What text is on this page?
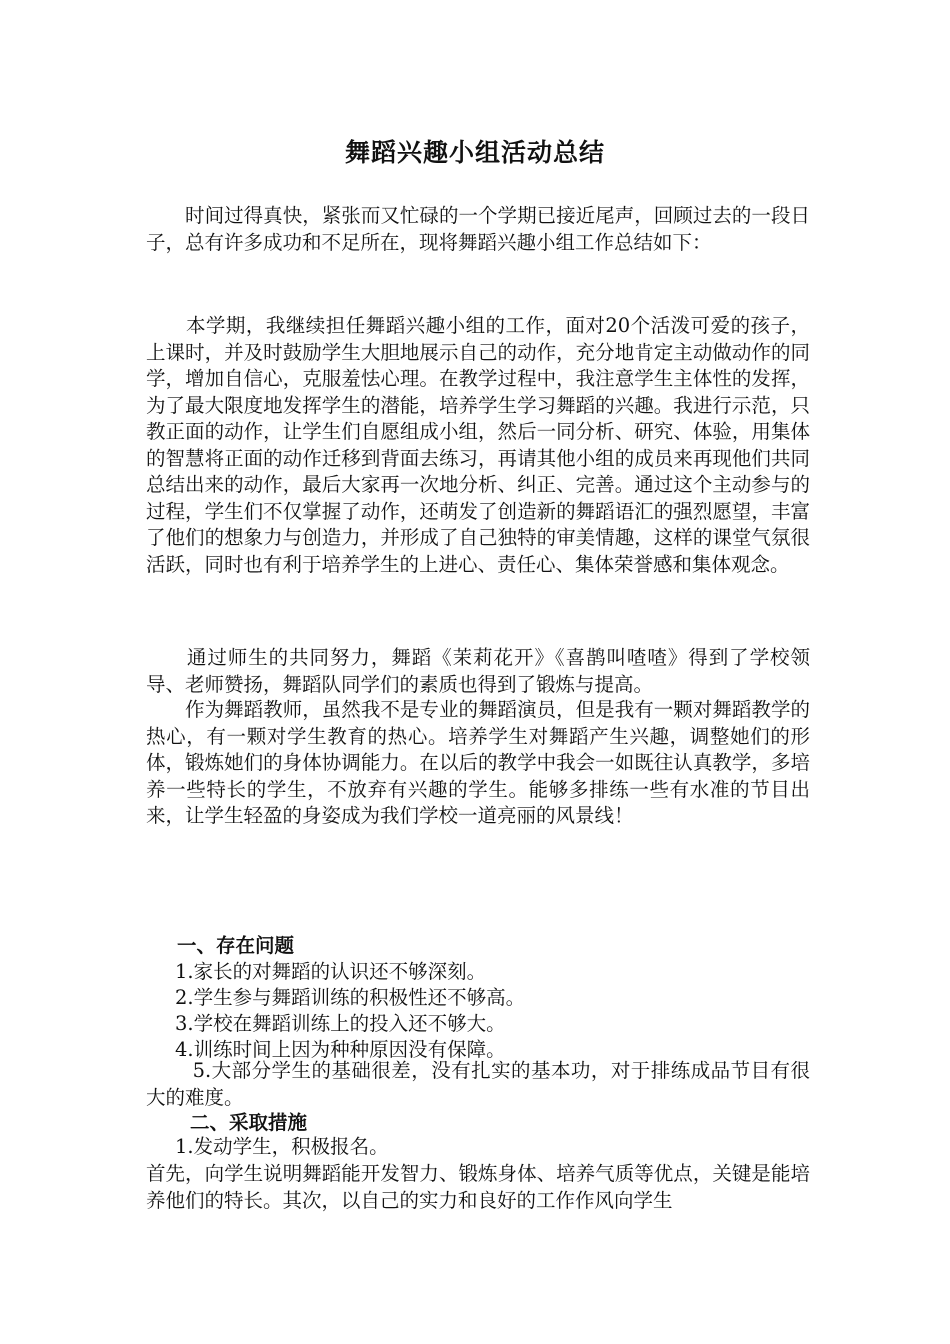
舞蹈兴趣小组活动总结

　　时间过得真快，紧张而又忙碌的一个学期已接近尾声，回顾过去的一段日子，总有许多成功和不足所在，现将舞蹈兴趣小组工作总结如下：

　　本学期，我继续担任舞蹈兴趣小组的工作，面对20个活泼可爱的孩子，上课时，并及时鼓励学生大胆地展示自己的动作，充分地肯定主动做动作的同学，增加自信心，克服羞怯心理。在教学过程中，我注意学生主体性的发挥，为了最大限度地发挥学生的潜能，培养学生学习舞蹈的兴趣。我进行示范，只教正面的动作，让学生们自愿组成小组，然后一同分析、研究、体验，用集体的智慧将正面的动作迁移到背面去练习，再请其他小组的成员来再现他们共同总结出来的动作，最后大家再一次地分析、纠正、完善。通过这个主动参与的过程，学生们不仅掌握了动作，还萌发了创造新的舞蹈语汇的强烈愿望，丰富了他们的想象力与创造力，并形成了自己独特的审美情趣，这样的课堂气氛很活跃，同时也有利于培养学生的上进心、责任心、集体荣誉感和集体观念。

　　通过师生的共同努力，舞蹈《茉莉花开》《喜鹊叫喳喳》得到了学校领导、老师赞扬，舞蹈队同学们的素质也得到了锻炼与提高。

　　作为舞蹈教师，虽然我不是专业的舞蹈演员，但是我有一颗对舞蹈教学的热心，有一颗对学生教育的热心。培养学生对舞蹈产生兴趣，调整她们的形体，锻炼她们的身体协调能力。在以后的教学中我会一如既往认真教学，多培养一些特长的学生，不放弃有兴趣的学生。能够多排练一些有水准的节目出来，让学生轻盈的身姿成为我们学校一道亮丽的风景线！

一、存在问题

1.家长的对舞蹈的认识还不够深刻。

2.学生参与舞蹈训练的积极性还不够高。

3.学校在舞蹈训练上的投入还不够大。

4.训练时间上因为种种原因没有保障。

　　 5.大部分学生的基础很差，没有扎实的基本功，对于排练成品节目有很大的难度。

二、采取措施

1.发动学生，积极报名。

首先，向学生说明舞蹈能开发智力、锻炼身体、培养气质等优点，关键是能培养他们的特长。其次，以自己的实力和良好的工作作风向学生
